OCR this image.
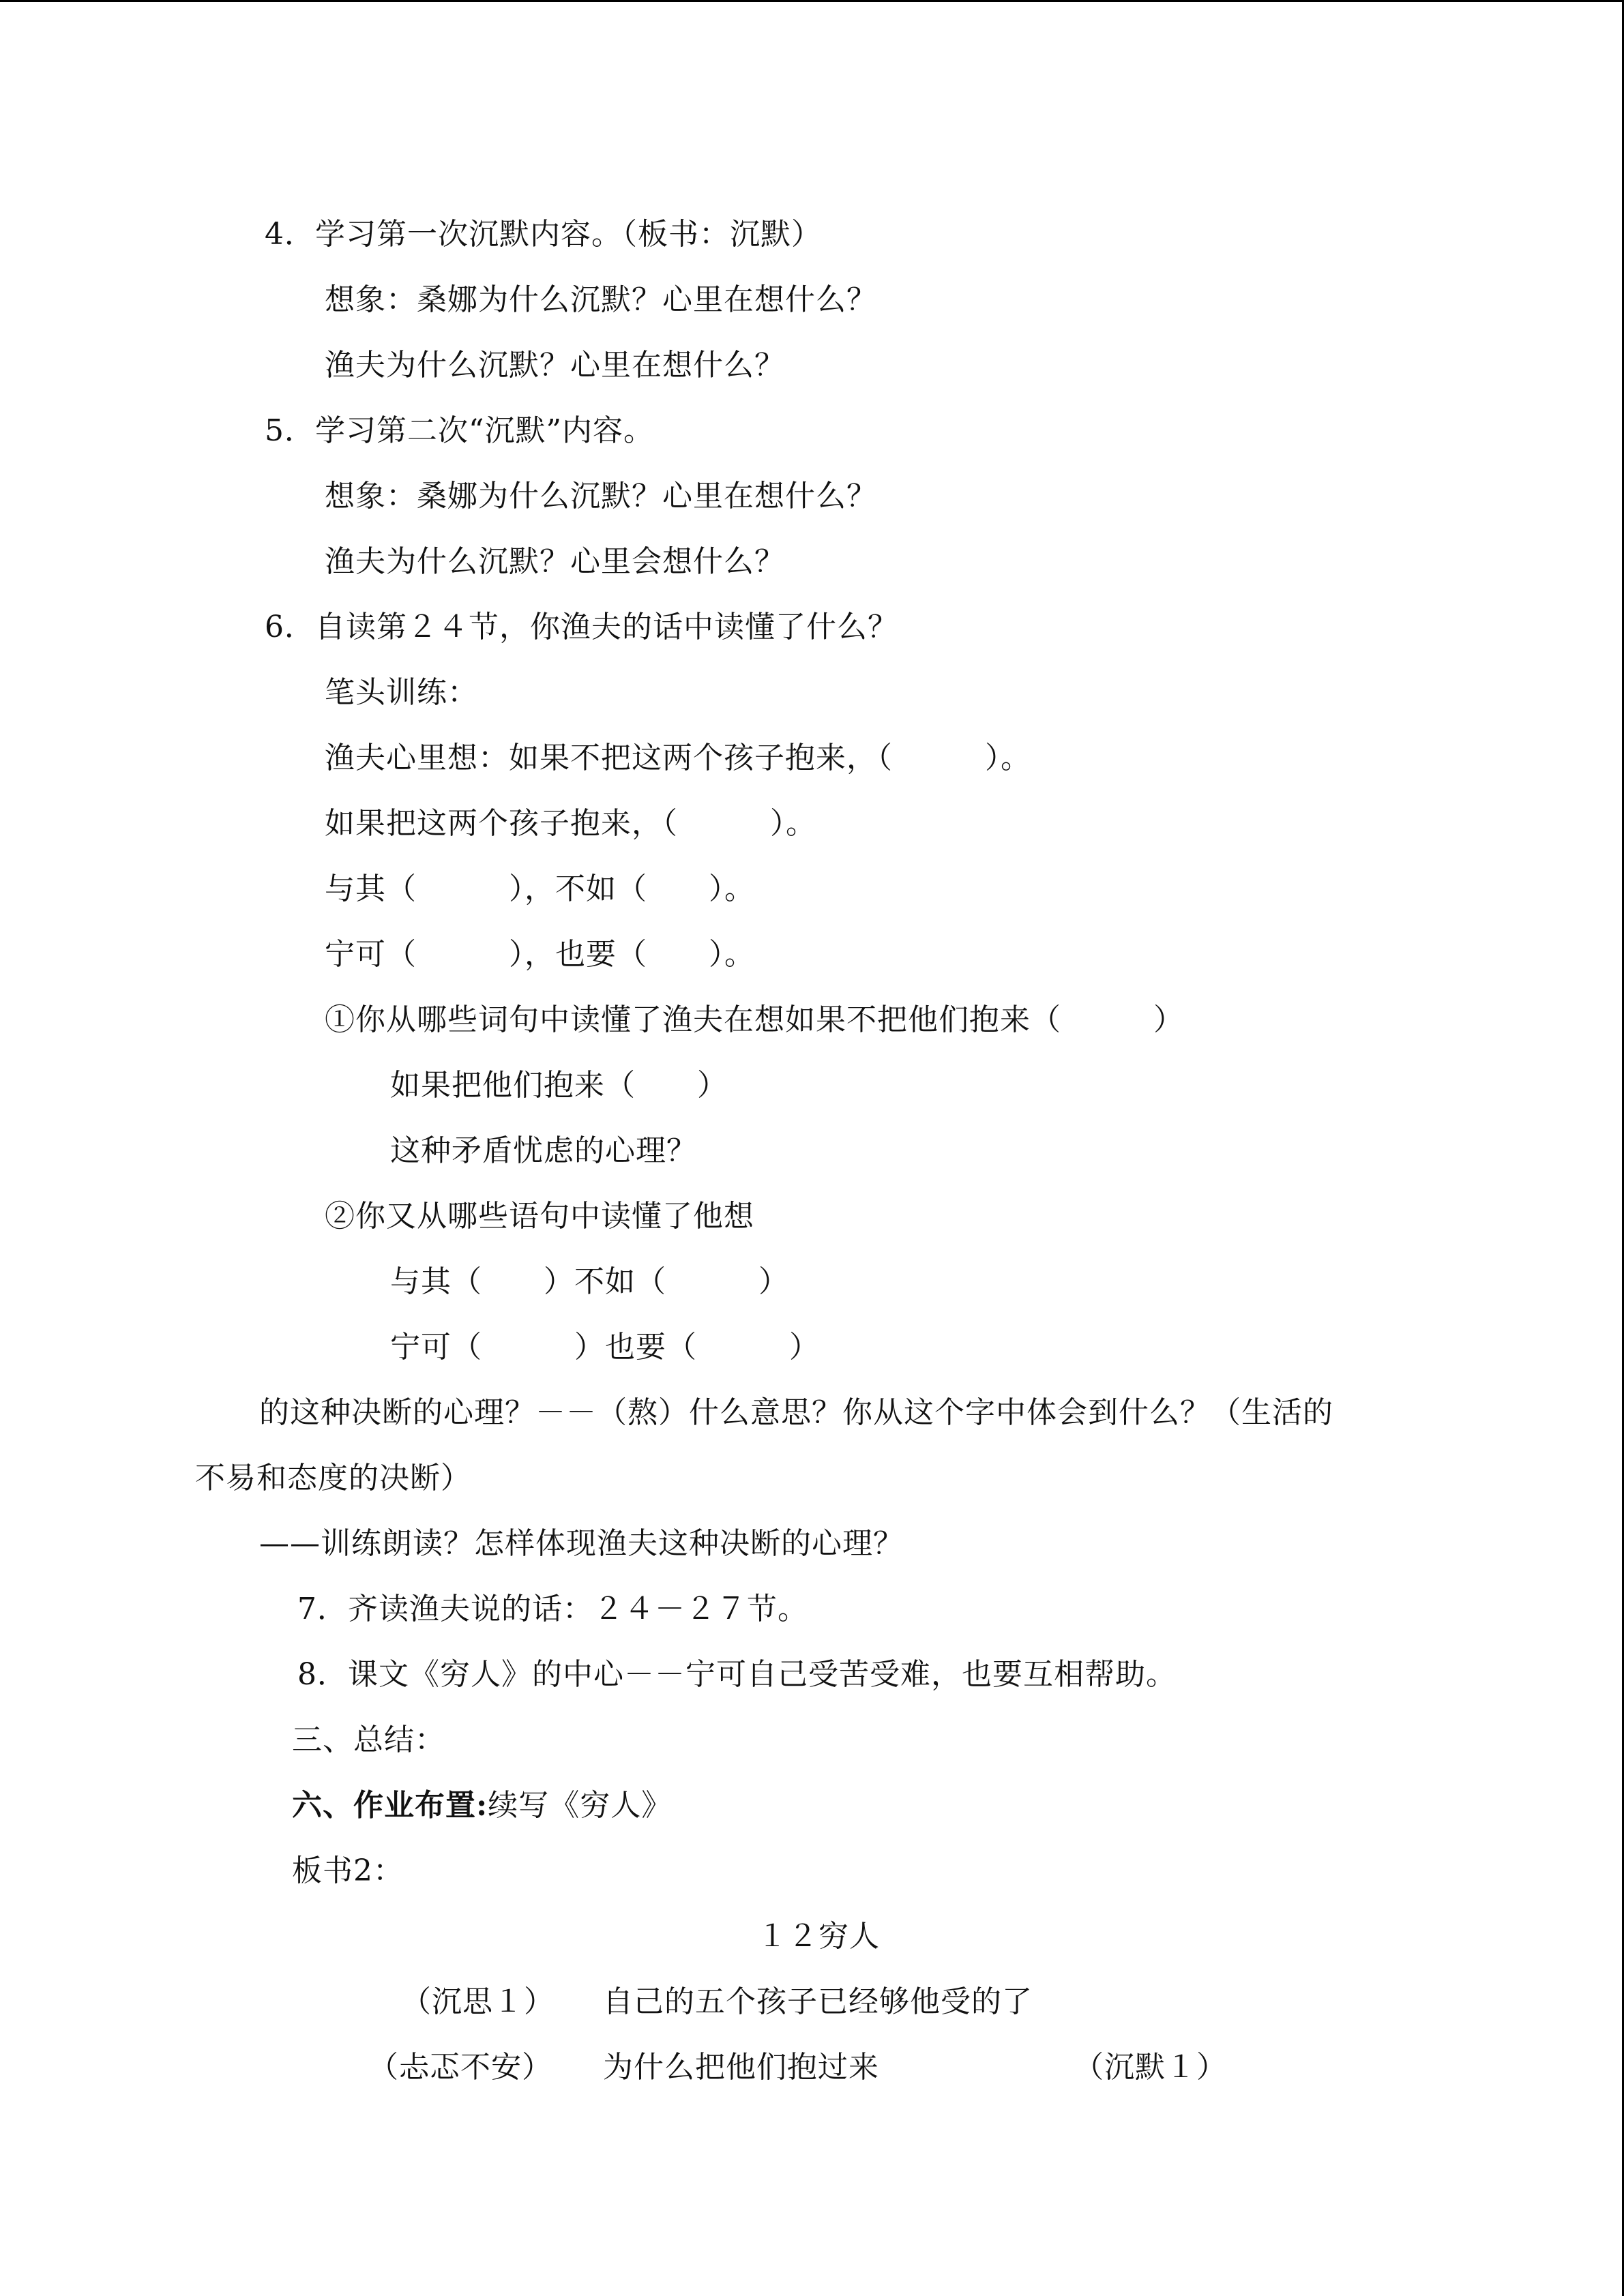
4．学习第一次沉默内容。（板书：沉默）
想象：桑娜为什么沉默？心里在想什么？
渔夫为什么沉默？心里在想什么？
5．学习第二次“沉默”内容。
想象：桑娜为什么沉默？心里在想什么？
渔夫为什么沉默？心里会想什么？
6．自读第２４节，你渔夫的话中读懂了什么？
笔头训练：
渔夫心里想：如果不把这两个孩子抱来，（　　　）。
如果把这两个孩子抱来，（　　　）。
与其（　　　），不如（　　）。
宁可（　　　），也要（　　）。
①你从哪些词句中读懂了渔夫在想如果不把他们抱来（　　　）
如果把他们抱来（　　）
这种矛盾忧虑的心理？
②你又从哪些语句中读懂了他想
与其（　　）不如（　　　）
宁可（　　　）也要（　　　）
的这种决断的心理？－－（熬）什么意思？你从这个字中体会到什么？（生活的
不易和态度的决断）
——训练朗读？怎样体现渔夫这种决断的心理？
7．齐读渔夫说的话：２４－２７节。
8．课文《穷人》的中心－－宁可自己受苦受难，也要互相帮助。
三、总结：
六、作业布置:续写《穷人》
板书2：
１２穷人
（沉思１） 自己的五个孩子已经够他受的了
（忐忑不安） 为什么把他们抱过来	（沉默１）
